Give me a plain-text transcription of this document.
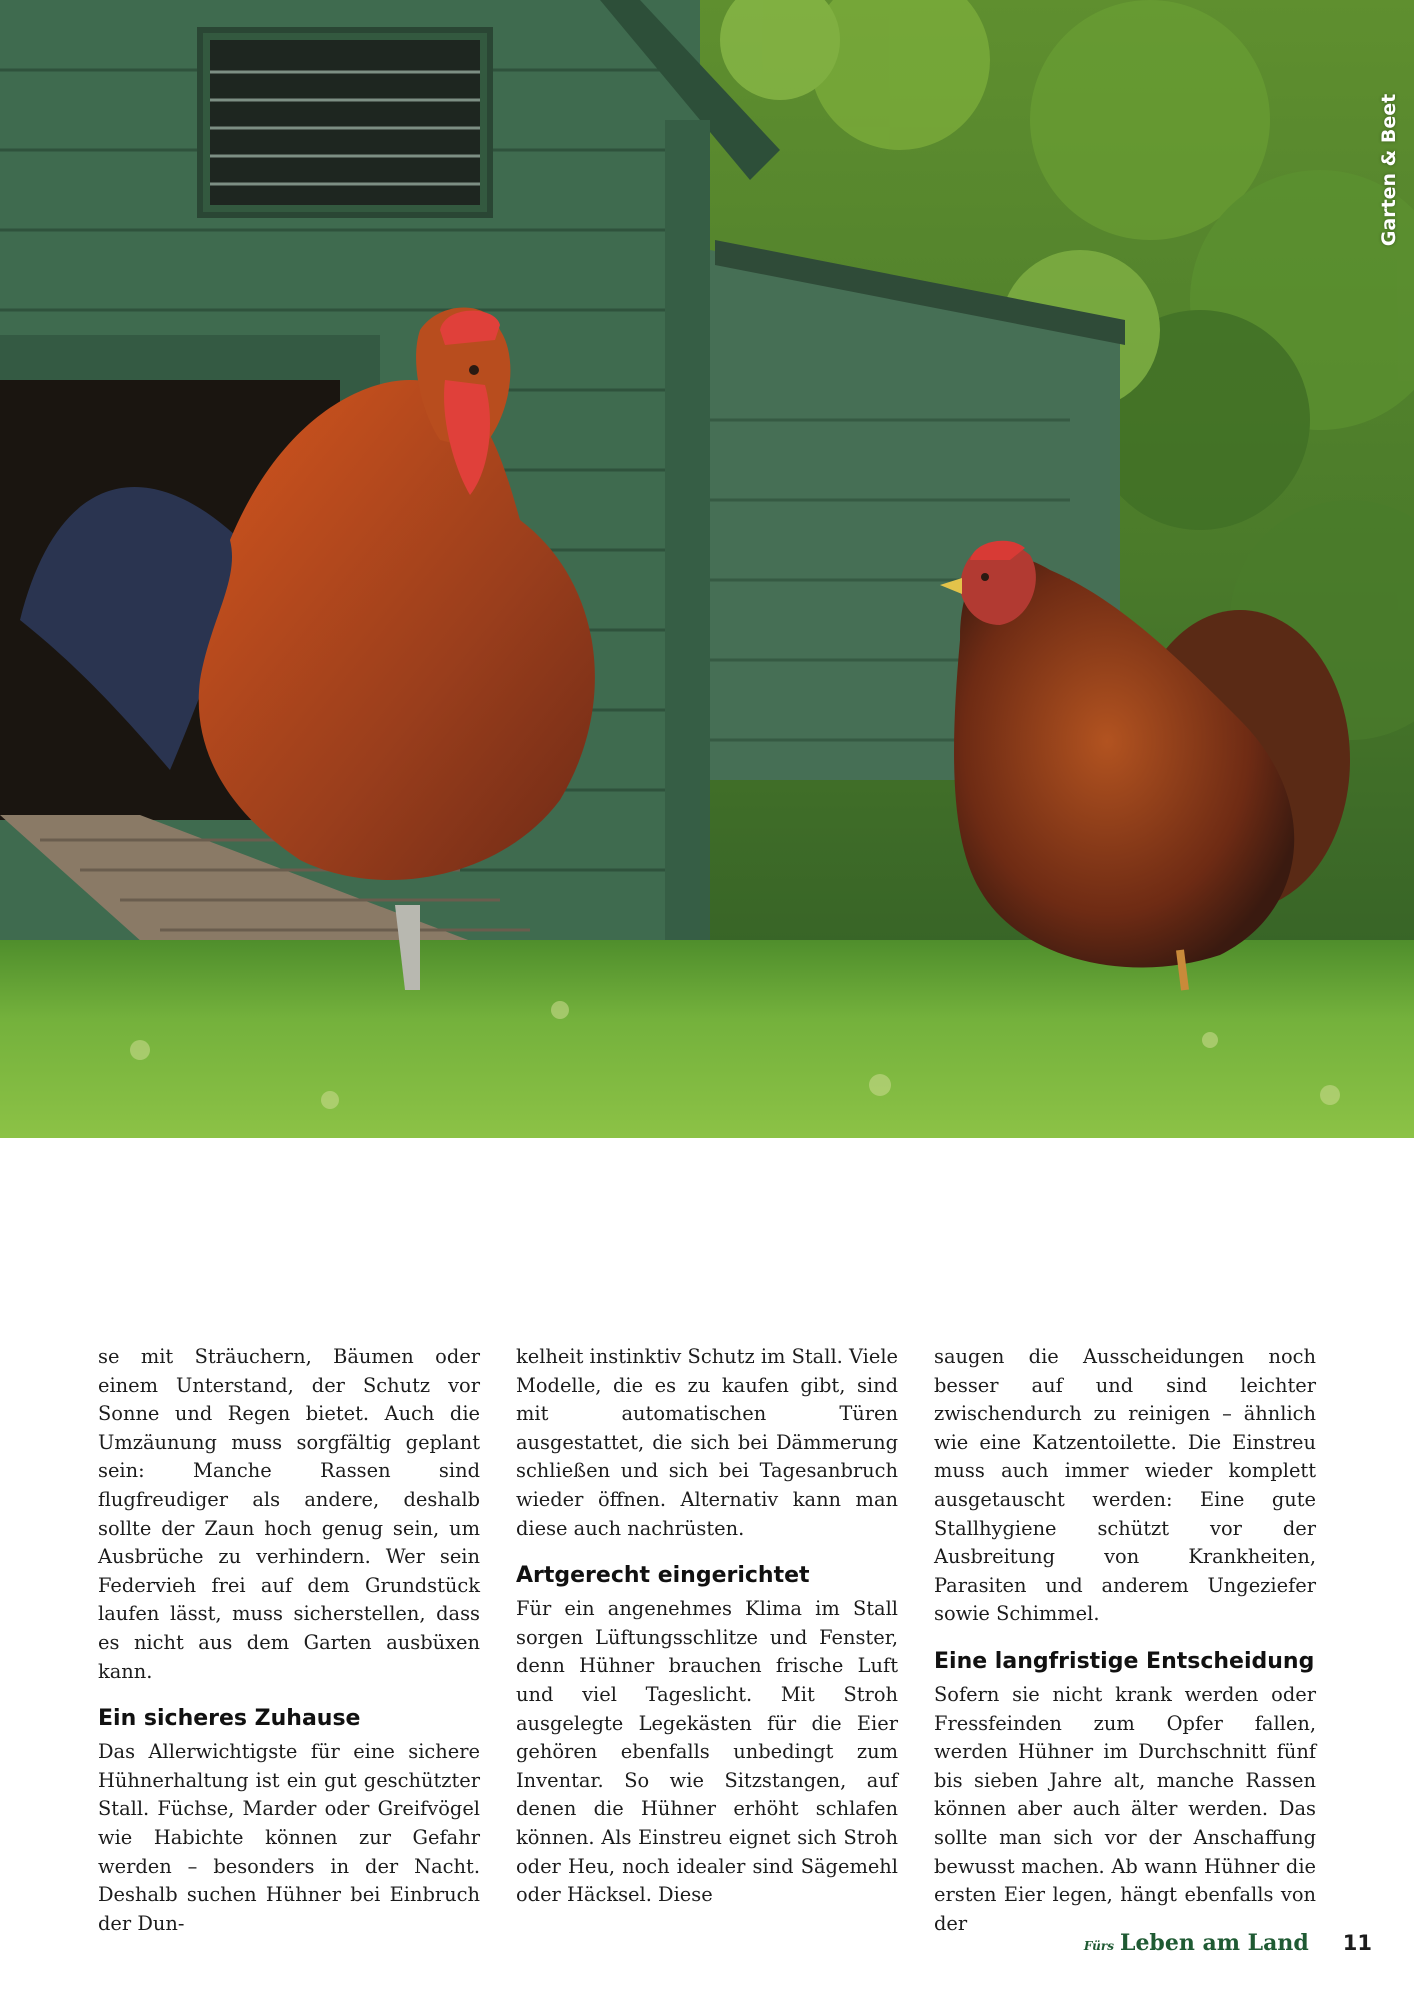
Garten & Beet

se mit Sträuchern, Bäumen oder einem Unterstand, der Schutz vor Sonne und Regen bietet. Auch die Umzäunung muss sorgfältig geplant sein: Manche Rassen sind flugfreudiger als andere, deshalb sollte der Zaun hoch genug sein, um Ausbrüche zu verhindern. Wer sein Federvieh frei auf dem Grundstück laufen lässt, muss sicherstellen, dass es nicht aus dem Garten ausbüxen kann.

Ein sicheres Zuhause

Das Allerwichtigste für eine sichere Hühnerhaltung ist ein gut geschützter Stall. Füchse, Marder oder Greifvögel wie Habichte können zur Gefahr werden – besonders in der Nacht. Deshalb suchen Hühner bei Einbruch der Dun-

kelheit instinktiv Schutz im Stall. Viele Modelle, die es zu kaufen gibt, sind mit automatischen Türen ausgestattet, die sich bei Dämmerung schließen und sich bei Tagesanbruch wieder öffnen. Alternativ kann man diese auch nachrüsten.

Artgerecht eingerichtet

Für ein angenehmes Klima im Stall sorgen Lüftungsschlitze und Fenster, denn Hühner brauchen frische Luft und viel Tageslicht. Mit Stroh ausgelegte Legekästen für die Eier gehören ebenfalls unbedingt zum Inventar. So wie Sitzstangen, auf denen die Hühner erhöht schlafen können. Als Einstreu eignet sich Stroh oder Heu, noch idealer sind Sägemehl oder Häcksel. Diese

saugen die Ausscheidungen noch besser auf und sind leichter zwischendurch zu reinigen – ähnlich wie eine Katzentoilette. Die Einstreu muss auch immer wieder komplett ausgetauscht werden: Eine gute Stallhygiene schützt vor der Ausbreitung von Krankheiten, Parasiten und anderem Ungeziefer sowie Schimmel.

Eine langfristige Entscheidung

Sofern sie nicht krank werden oder Fressfeinden zum Opfer fallen, werden Hühner im Durchschnitt fünf bis sieben Jahre alt, manche Rassen können aber auch älter werden. Das sollte man sich vor der Anschaffung bewusst machen. Ab wann Hühner die ersten Eier legen, hängt ebenfalls von der

Fürs Leben am Land 11
